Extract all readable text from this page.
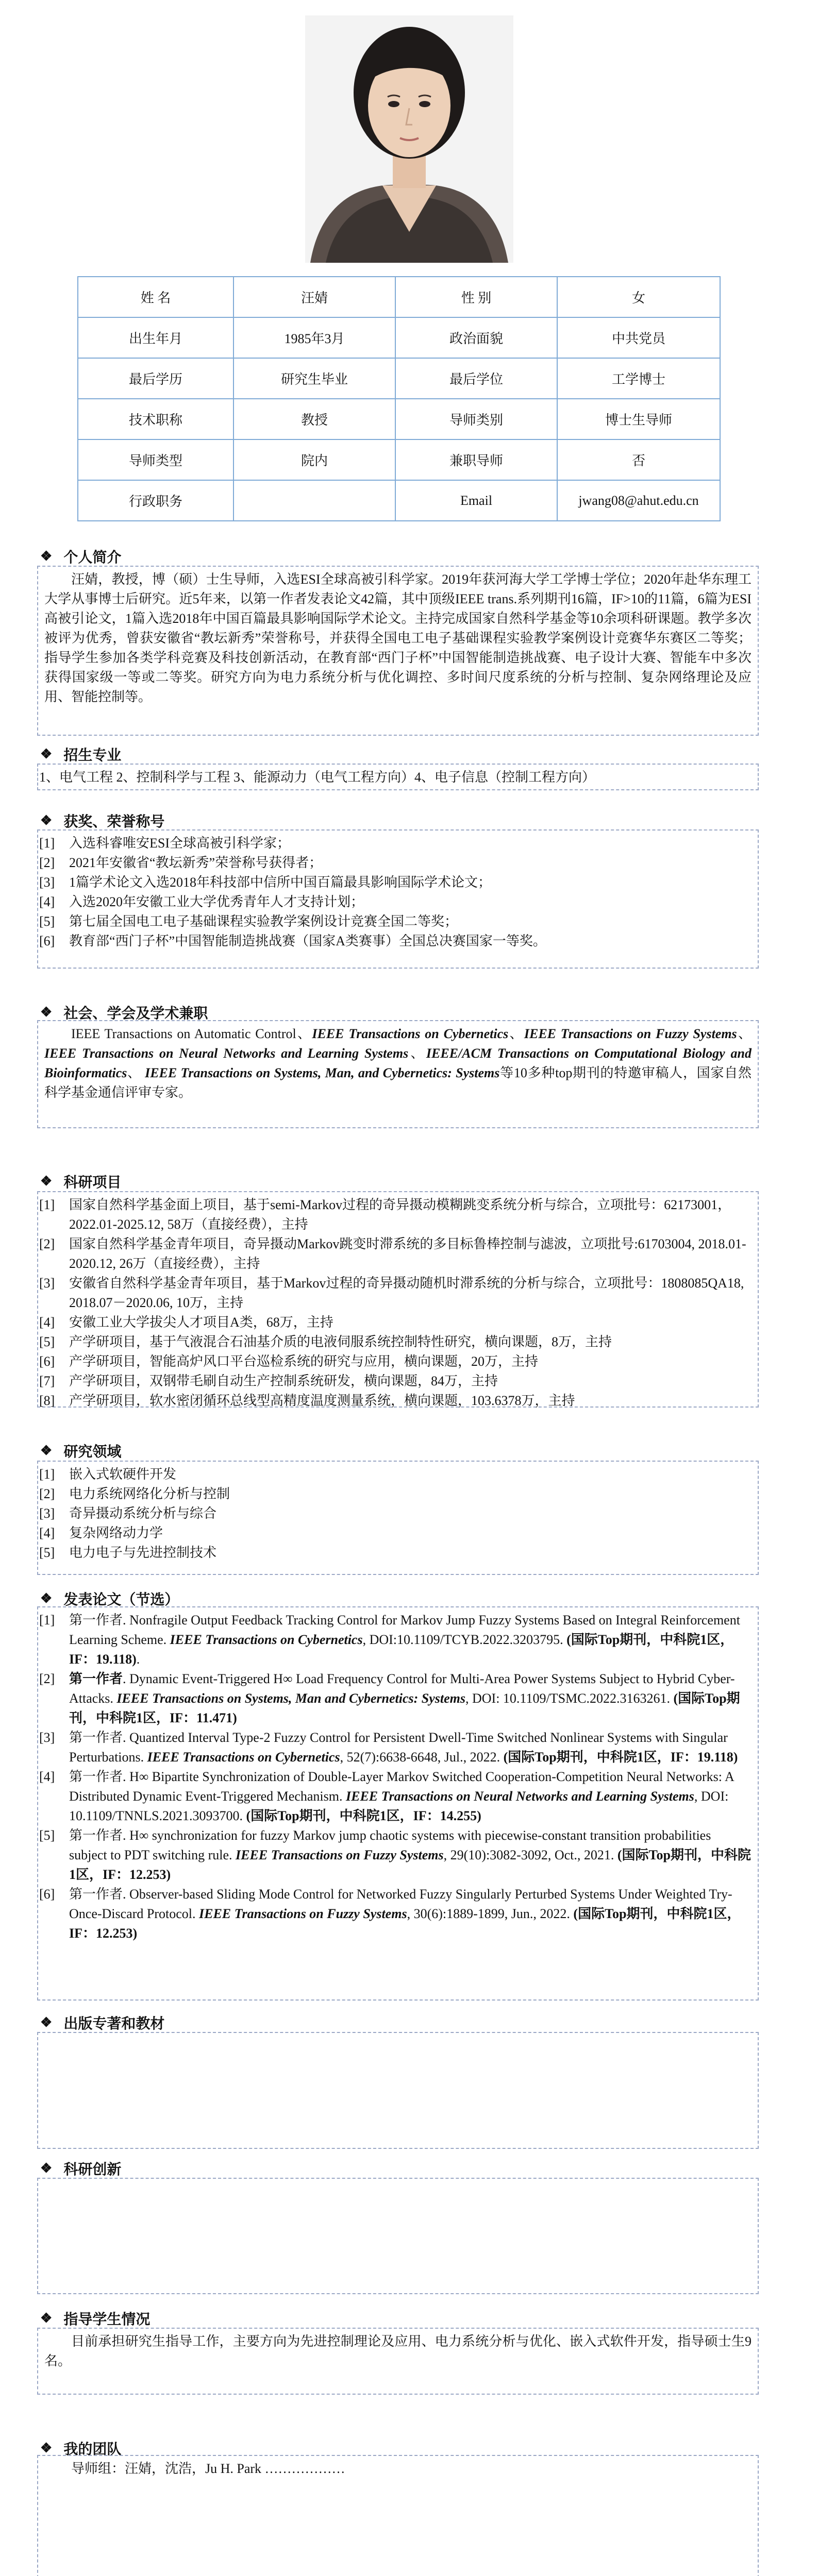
姓 名	汪婧	性 别	女
出生年月	1985年3月	政治面貌	中共党员
最后学历	研究生毕业	最后学位	工学博士
技术职称	教授	导师类别	博士生导师
导师类型	院内	兼职导师	否
行政职务		Email	jwang08@ahut.edu.cn
❖ 个人简介

汪婧，教授，博（硕）士生导师，入选ESI全球高被引科学家。2019年获河海大学工学博士学位；2020年赴华东理工大学从事博士后研究。近5年来，以第一作者发表论文42篇，其中顶级IEEE trans.系列期刊16篇，IF>10的11篇，6篇为ESI高被引论文，1篇入选2018年中国百篇最具影响国际学术论文。主持完成国家自然科学基金等10余项科研课题。教学多次被评为优秀，曾获安徽省“教坛新秀”荣誉称号，并获得全国电工电子基础课程实验教学案例设计竞赛华东赛区二等奖；指导学生参加各类学科竞赛及科技创新活动，在教育部“西门子杯”中国智能制造挑战赛、电子设计大赛、智能车中多次获得国家级一等或二等奖。研究方向为电力系统分析与优化调控、多时间尺度系统的分析与控制、复杂网络理论及应用、智能控制等。

❖ 招生专业

1、电气工程 2、控制科学与工程 3、能源动力（电气工程方向）4、电子信息（控制工程方向）

❖ 获奖、荣誉称号
[1]	入选科睿唯安ESI全球高被引科学家；
[2]	2021年安徽省“教坛新秀”荣誉称号获得者；
[3]	1篇学术论文入选2018年科技部中信所中国百篇最具影响国际学术论文；
[4]	入选2020年安徽工业大学优秀青年人才支持计划；
[5]	第七届全国电工电子基础课程实验教学案例设计竞赛全国二等奖；
[6]	教育部“西门子杯”中国智能制造挑战赛（国家A类赛事）全国总决赛国家一等奖。
❖ 社会、学会及学术兼职

IEEE Transactions on Automatic Control、IEEE Transactions on Cybernetics、IEEE Transactions on Fuzzy Systems、IEEE Transactions on Neural Networks and Learning Systems、IEEE/ACM Transactions on Computational Biology and Bioinformatics、 IEEE Transactions on Systems, Man, and Cybernetics: Systems等10多种top期刊的特邀审稿人，国家自然科学基金通信评审专家。

❖ 科研项目
[1]	国家自然科学基金面上项目，基于semi-Markov过程的奇异摄动模糊跳变系统分析与综合，立项批号：62173001，2022.01-2025.12, 58万（直接经费），主持
[2]	国家自然科学基金青年项目，奇异摄动Markov跳变时滞系统的多目标鲁棒控制与滤波，立项批号:61703004, 2018.01-2020.12, 26万（直接经费），主持
[3]	安徽省自然科学基金青年项目，基于Markov过程的奇异摄动随机时滞系统的分析与综合，立项批号：1808085QA18, 2018.07－2020.06, 10万，主持
[4]	安徽工业大学拔尖人才项目A类，68万，主持
[5]	产学研项目，基于气液混合石油基介质的电液伺服系统控制特性研究，横向课题，8万，主持
[6]	产学研项目，智能高炉风口平台巡检系统的研究与应用，横向课题，20万，主持
[7]	产学研项目，双钢带毛刷自动生产控制系统研发，横向课题，84万，主持
[8]	产学研项目，软水密闭循环总线型高精度温度测量系统，横向课题，103.6378万，主持
❖ 研究领域
[1]	嵌入式软硬件开发
[2]	电力系统网络化分析与控制
[3]	奇异摄动系统分析与综合
[4]	复杂网络动力学
[5]	电力电子与先进控制技术
❖ 发表论文（节选）
[1]	第一作者. Nonfragile Output Feedback Tracking Control for Markov Jump Fuzzy Systems Based on Integral Reinforcement Learning Scheme. IEEE Transactions on Cybernetics, DOI:10.1109/TCYB.2022.3203795. (国际Top期刊，中科院1区，IF：19.118).
[2]	第一作者. Dynamic Event-Triggered H∞ Load Frequency Control for Multi-Area Power Systems Subject to Hybrid Cyber-Attacks. IEEE Transactions on Systems, Man and Cybernetics: Systems, DOI: 10.1109/TSMC.2022.3163261. (国际Top期刊，中科院1区，IF：11.471)
[3]	第一作者. Quantized Interval Type-2 Fuzzy Control for Persistent Dwell-Time Switched Nonlinear Systems with Singular Perturbations. IEEE Transactions on Cybernetics, 52(7):6638-6648, Jul., 2022. (国际Top期刊，中科院1区，IF：19.118)
[4]	第一作者. H∞ Bipartite Synchronization of Double-Layer Markov Switched Cooperation-Competition Neural Networks: A Distributed Dynamic Event-Triggered Mechanism. IEEE Transactions on Neural Networks and Learning Systems, DOI: 10.1109/TNNLS.2021.3093700. (国际Top期刊，中科院1区，IF：14.255)
[5]	第一作者. H∞ synchronization for fuzzy Markov jump chaotic systems with piecewise-constant transition probabilities subject to PDT switching rule. IEEE Transactions on Fuzzy Systems, 29(10):3082-3092, Oct., 2021. (国际Top期刊，中科院1区，IF：12.253)
[6]	第一作者. Observer-based Sliding Mode Control for Networked Fuzzy Singularly Perturbed Systems Under Weighted Try-Once-Discard Protocol. IEEE Transactions on Fuzzy Systems, 30(6):1889-1899, Jun., 2022. (国际Top期刊，中科院1区，IF：12.253)
❖ 出版专著和教材
❖ 科研创新
❖ 指导学生情况

目前承担研究生指导工作，主要方向为先进控制理论及应用、电力系统分析与优化、嵌入式软件开发，指导硕士生9名。

❖ 我的团队

导师组：汪婧，沈浩，Ju H. Park ………………
